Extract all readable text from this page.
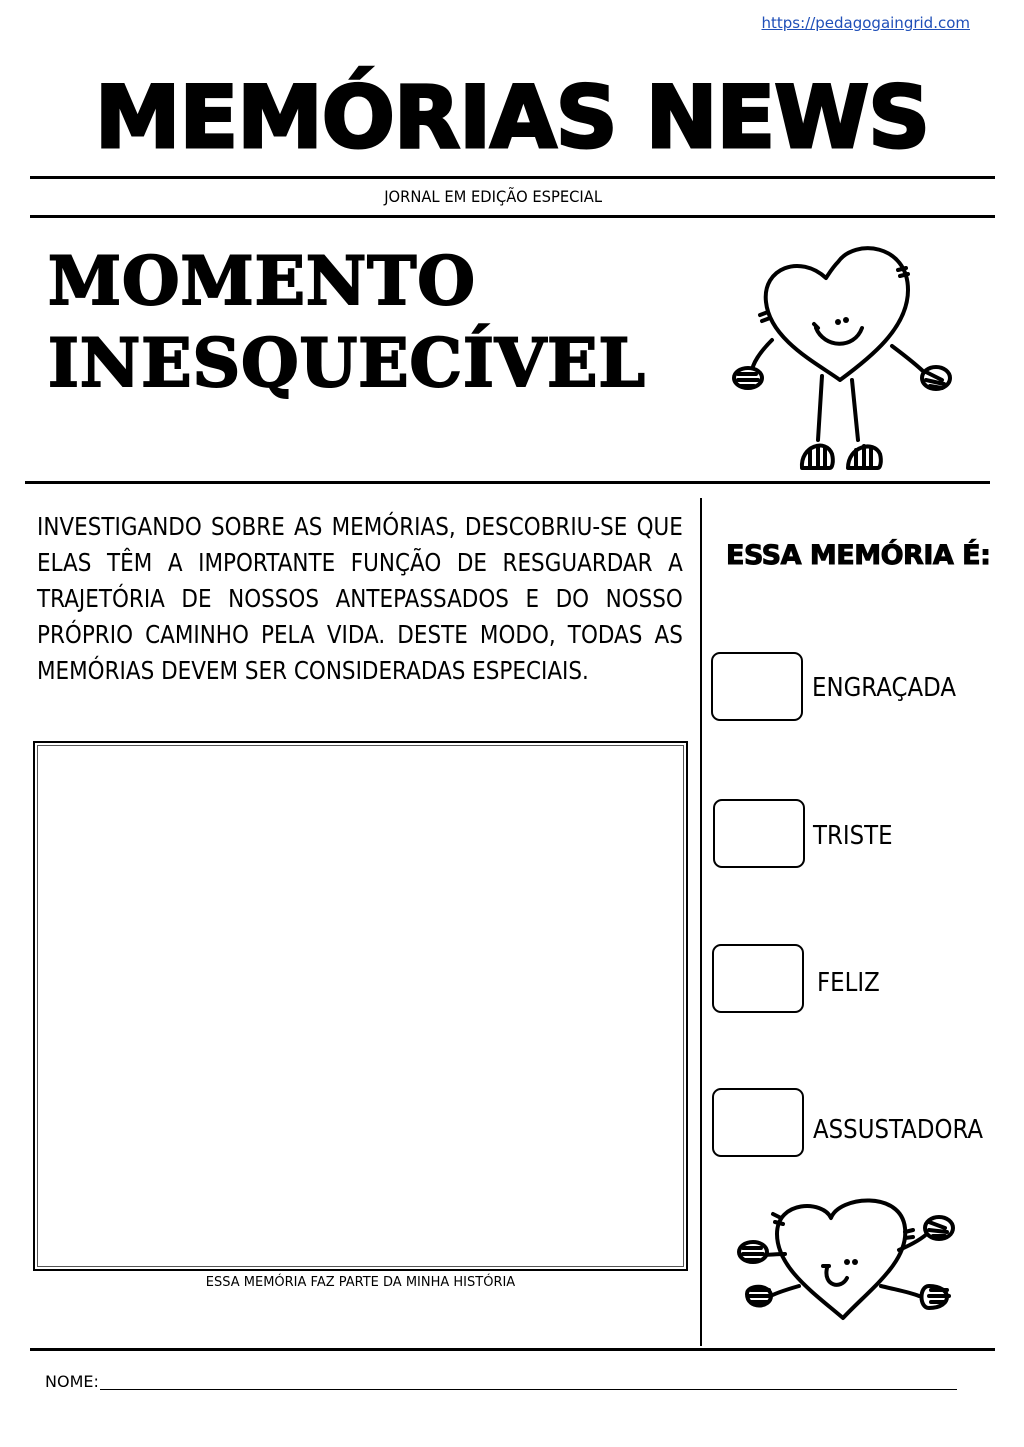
https://pedagogaingrid.com
MEMÓRIAS NEWS
JORNAL EM EDIÇÃO ESPECIAL
MOMENTO
INESQUECÍVEL
INVESTIGANDO SOBRE AS MEMÓRIAS, DESCOBRIU-SE QUE ELAS TÊM A IMPORTANTE FUNÇÃO DE RESGUARDAR A TRAJETÓRIA DE NOSSOS ANTEPASSADOS E DO NOSSO PRÓPRIO CAMINHO PELA VIDA. DESTE MODO, TODAS AS MEMÓRIAS DEVEM SER CONSIDERADAS ESPECIAIS.
ESSA MEMÓRIA FAZ PARTE DA MINHA HISTÓRIA
ESSA MEMÓRIA É:
ENGRAÇADA
TRISTE
FELIZ
ASSUSTADORA
NOME:
